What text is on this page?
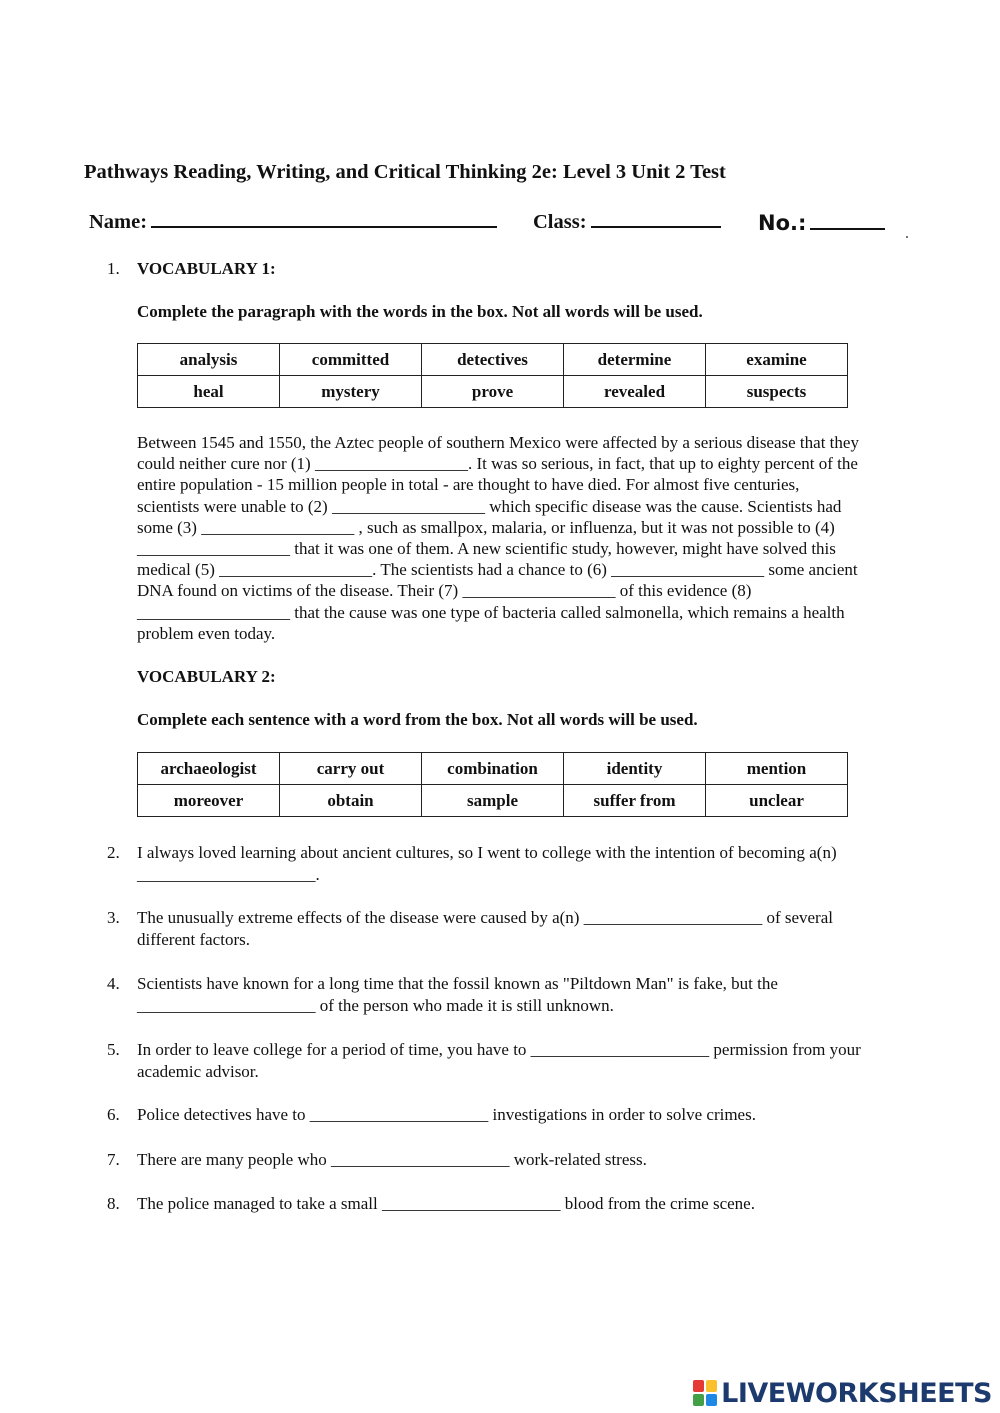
Pathways Reading, Writing, and Critical Thinking 2e: Level 3 Unit 2 Test
Name:	Class:	No.:
1. VOCABULARY 1:
Complete the paragraph with the words in the box. Not all words will be used.
analysis	committed	detectives	determine	examine
heal	mystery	prove	revealed	suspects
Between 1545 and 1550, the Aztec people of southern Mexico were affected by a serious disease that they
could neither cure nor (1) __________________. It was so serious, in fact, that up to eighty percent of the
entire population - 15 million people in total - are thought to have died. For almost five centuries,
scientists were unable to (2) __________________ which specific disease was the cause. Scientists had
some (3) __________________ , such as smallpox, malaria, or influenza, but it was not possible to (4)
__________________ that it was one of them. A new scientific study, however, might have solved this
medical (5) __________________. The scientists had a chance to (6) __________________ some ancient
DNA found on victims of the disease. Their (7) __________________ of this evidence (8)
__________________ that the cause was one type of bacteria called salmonella, which remains a health
problem even today.
VOCABULARY 2:
Complete each sentence with a word from the box. Not all words will be used.
archaeologist	carry out	combination	identity	mention
moreover	obtain	sample	suffer from	unclear
2. I always loved learning about ancient cultures, so I went to college with the intention of becoming a(n)
_____________________.
3. The unusually extreme effects of the disease were caused by a(n) _____________________ of several
different factors.
4. Scientists have known for a long time that the fossil known as "Piltdown Man" is fake, but the
_____________________ of the person who made it is still unknown.
5. In order to leave college for a period of time, you have to _____________________ permission from your
academic advisor.
6. Police detectives have to _____________________ investigations in order to solve crimes.
7. There are many people who _____________________ work-related stress.
8. The police managed to take a small _____________________ blood from the crime scene.
LIVEWORKSHEETS
